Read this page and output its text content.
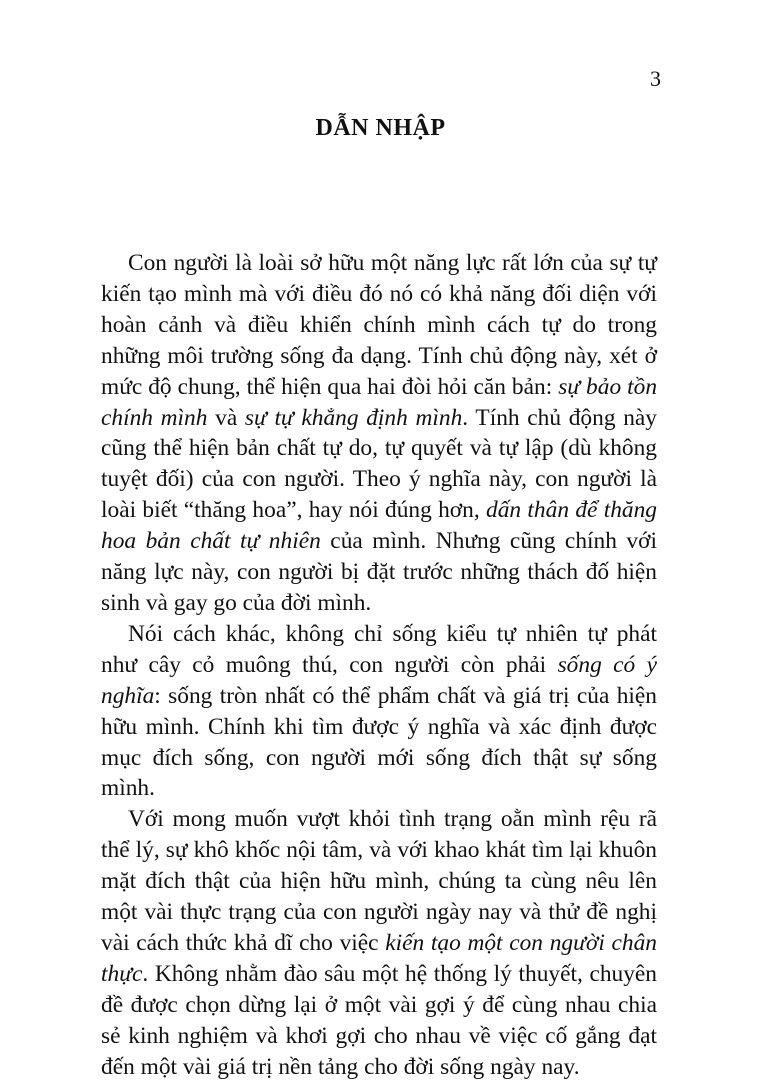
3
DẪN NHẬP

Con người là loài sở hữu một năng lực rất lớn của sự tự kiến tạo mình mà với điều đó nó có khả năng đối diện với hoàn cảnh và điều khiển chính mình cách tự do trong những môi trường sống đa dạng. Tính chủ động này, xét ở mức độ chung, thể hiện qua hai đòi hỏi căn bản: sự bảo tồn chính mình và sự tự khẳng định mình. Tính chủ động này cũng thể hiện bản chất tự do, tự quyết và tự lập (dù không tuyệt đối) của con người. Theo ý nghĩa này, con người là loài biết “thăng hoa”, hay nói đúng hơn, dấn thân để thăng hoa bản chất tự nhiên của mình. Nhưng cũng chính với năng lực này, con người bị đặt trước những thách đố hiện sinh và gay go của đời mình.

Nói cách khác, không chỉ sống kiểu tự nhiên tự phát như cây cỏ muông thú, con người còn phải sống có ý nghĩa: sống tròn nhất có thể phẩm chất và giá trị của hiện hữu mình. Chính khi tìm được ý nghĩa và xác định được mục đích sống, con người mới sống đích thật sự sống mình.

Với mong muốn vượt khỏi tình trạng oằn mình rệu rã thể lý, sự khô khốc nội tâm, và với khao khát tìm lại khuôn mặt đích thật của hiện hữu mình, chúng ta cùng nêu lên một vài thực trạng của con người ngày nay và thử đề nghị vài cách thức khả dĩ cho việc kiến tạo một con người chân thực. Không nhằm đào sâu một hệ thống lý thuyết, chuyên đề được chọn dừng lại ở một vài gợi ý để cùng nhau chia sẻ kinh nghiệm và khơi gợi cho nhau về việc cố gắng đạt đến một vài giá trị nền tảng cho đời sống ngày nay.
